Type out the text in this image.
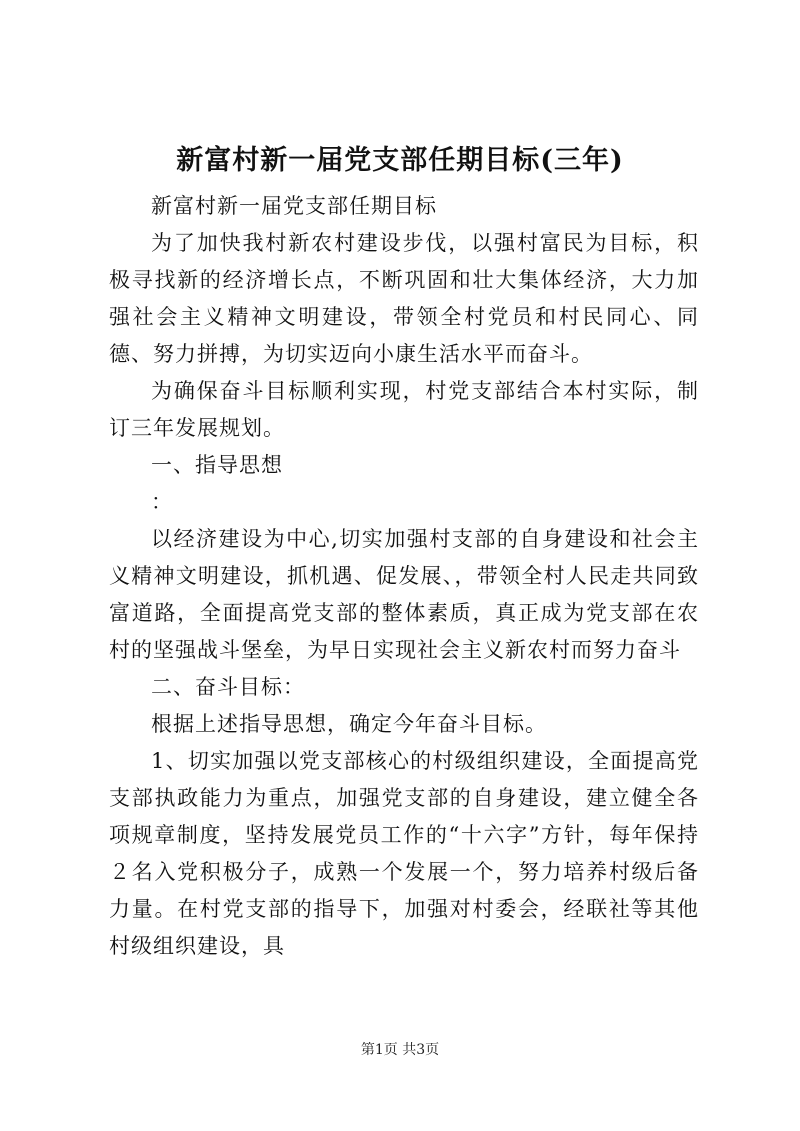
新富村新一届党支部任期目标(三年)

新富村新一届党支部任期目标

为了加快我村新农村建设步伐，以强村富民为目标，积极寻找新的经济增长点，不断巩固和壮大集体经济，大力加强社会主义精神文明建设，带领全村党员和村民同心、同德、努力拼搏，为切实迈向小康生活水平而奋斗。

为确保奋斗目标顺利实现，村党支部结合本村实际，制订三年发展规划。

一、指导思想

：

以经济建设为中心,切实加强村支部的自身建设和社会主义精神文明建设，抓机遇、促发展、，带领全村人民走共同致富道路，全面提高党支部的整体素质，真正成为党支部在农村的坚强战斗堡垒，为早日实现社会主义新农村而努力奋斗

二、奋斗目标：

根据上述指导思想，确定今年奋斗目标。

1、切实加强以党支部核心的村级组织建设，全面提高党支部执政能力为重点，加强党支部的自身建设，建立健全各项规章制度，坚持发展党员工作的“十六字”方针，每年保持２名入党积极分子，成熟一个发展一个，努力培养村级后备力量。在村党支部的指导下，加强对村委会，经联社等其他村级组织建设，具

第1页 共3页
